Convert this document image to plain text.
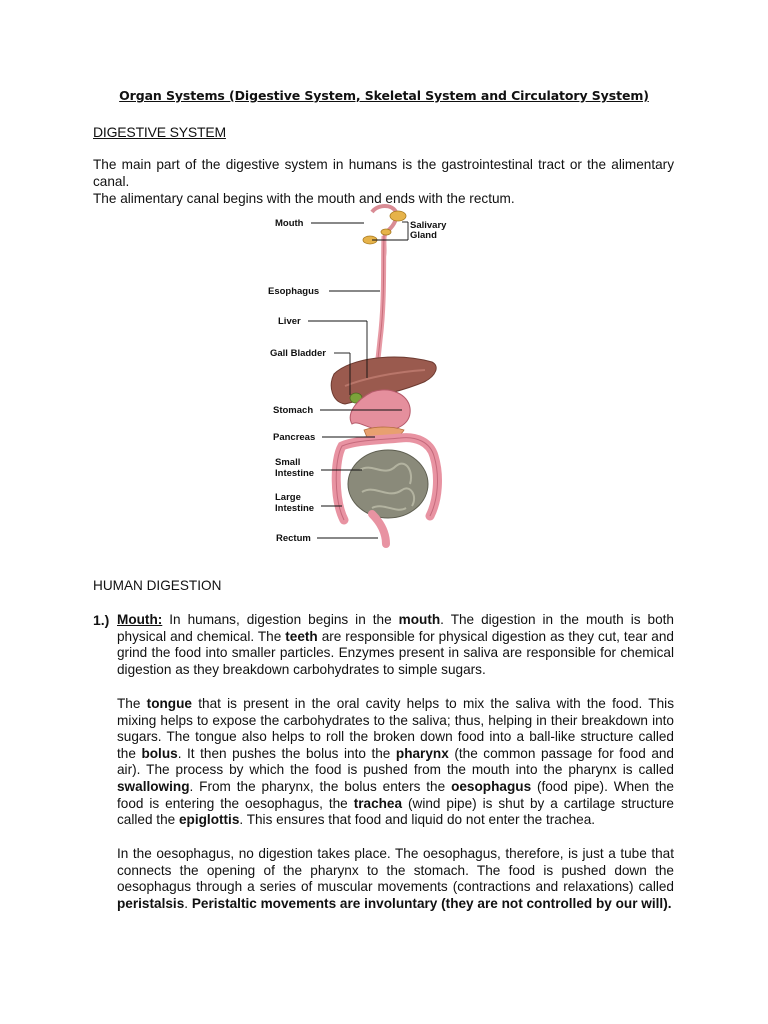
Organ Systems (Digestive System, Skeletal System and Circulatory System)
DIGESTIVE SYSTEM
The main part of the digestive system in humans is the gastrointestinal tract or the alimentary canal.
The alimentary canal begins with the mouth and ends with the rectum.
Mouth	Salivary
Gland
Esophagus
Liver
Gall Bladder
Stomach
Pancreas
Small
Intestine
Large
Intestine
Rectum
HUMAN DIGESTION
1.) Mouth: In humans, digestion begins in the mouth. The digestion in the mouth is both physical and chemical. The teeth are responsible for physical digestion as they cut, tear and grind the food into smaller particles. Enzymes present in saliva are responsible for chemical digestion as they breakdown carbohydrates to simple sugars.

The tongue that is present in the oral cavity helps to mix the saliva with the food. This mixing helps to expose the carbohydrates to the saliva; thus, helping in their breakdown into sugars. The tongue also helps to roll the broken down food into a ball-like structure called the bolus. It then pushes the bolus into the pharynx (the common passage for food and air). The process by which the food is pushed from the mouth into the pharynx is called swallowing. From the pharynx, the bolus enters the oesophagus (food pipe). When the food is entering the oesophagus, the trachea (wind pipe) is shut by a cartilage structure called the epiglottis. This ensures that food and liquid do not enter the trachea.

In the oesophagus, no digestion takes place. The oesophagus, therefore, is just a tube that connects the opening of the pharynx to the stomach. The food is pushed down the oesophagus through a series of muscular movements (contractions and relaxations) called peristalsis. Peristaltic movements are involuntary (they are not controlled by our will).
